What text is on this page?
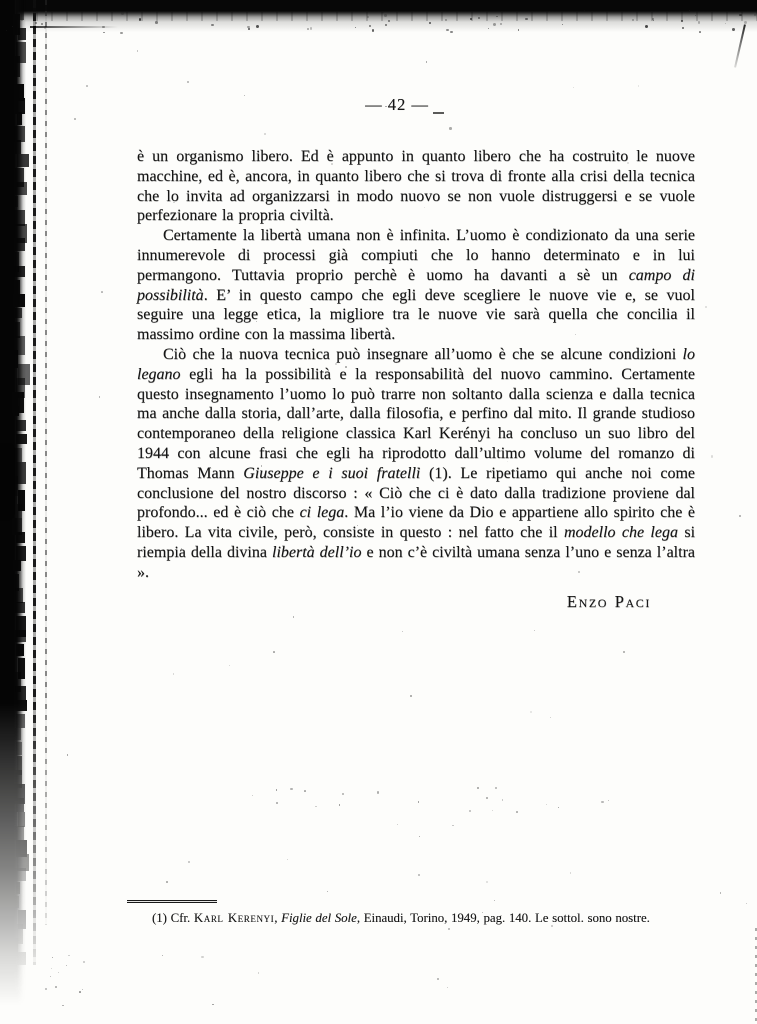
— 42 —

è un organismo libero. Ed è appunto in quanto libero che ha costruito le nuove macchine, ed è, ancora, in quanto libero che si trova di fronte alla crisi della tecnica che lo invita ad organizzarsi in modo nuovo se non vuole distruggersi e se vuole perfezionare la propria civiltà.

Certamente la libertà umana non è infinita. L’uomo è condizionato da una serie innumerevole di processi già compiuti che lo hanno determinato e in lui permangono. Tuttavia proprio perchè è uomo ha davanti a sè un campo di possibilità. E’ in questo campo che egli deve scegliere le nuove vie e, se vuol seguire una legge etica, la migliore tra le nuove vie sarà quella che concilia il massimo ordine con la massima libertà.

Ciò che la nuova tecnica può insegnare all’uomo è che se alcune condizioni lo legano egli ha la possibilità e la responsabilità del nuovo cammino. Certamente questo insegnamento l’uomo lo può trarre non soltanto dalla scienza e dalla tecnica ma anche dalla storia, dall’arte, dalla filosofia, e perfino dal mito. Il grande studioso contemporaneo della religione classica Karl Kerényi ha concluso un suo libro del 1944 con alcune frasi che egli ha riprodotto dall’ultimo volume del romanzo di Thomas Mann Giuseppe e i suoi fratelli (1). Le ripetiamo qui anche noi come conclusione del nostro discorso : « Ciò che ci è dato dalla tradizione proviene dal profondo... ed è ciò che ci lega. Ma l’io viene da Dio e appartiene allo spirito che è libero. La vita civile, però, consiste in questo : nel fatto che il modello che lega si riempia della divina libertà dell’io e non c’è civiltà umana senza l’uno e senza l’altra ».

Enzo Paci

(1) Cfr. Karl Kerenyi, Figlie del Sole, Einaudi, Torino, 1949, pag. 140. Le sottol. sono nostre.
